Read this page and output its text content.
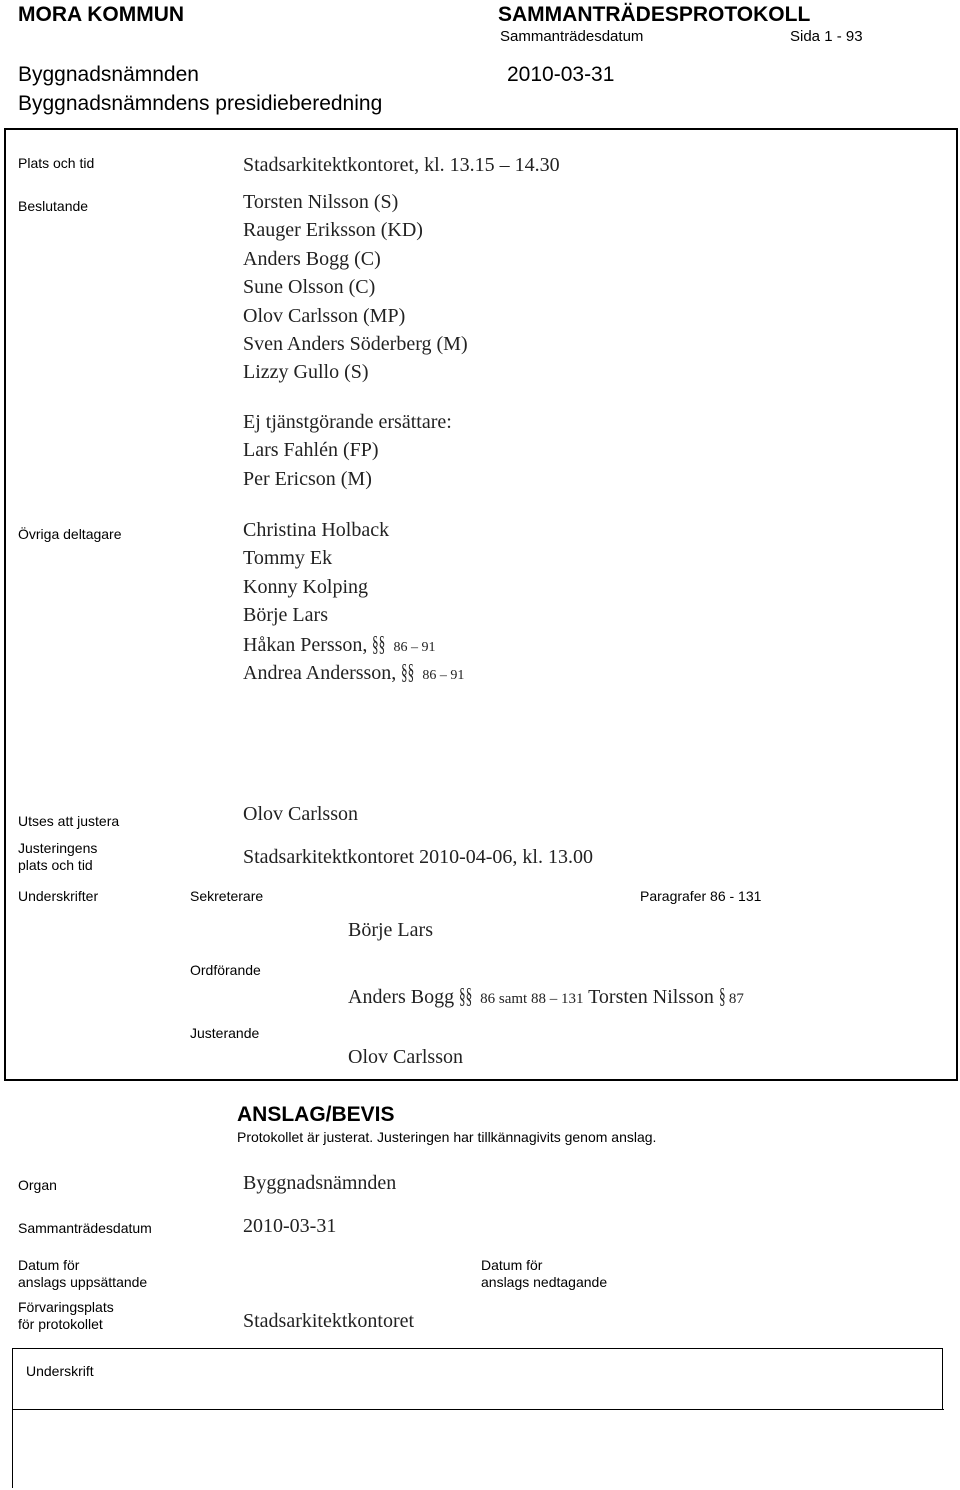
MORA KOMMUN	SAMMANTRÄDESPROTOKOLL
Sammanträdesdatum	Sida 1 - 93
Byggnadsnämnden	2010-03-31
Byggnadsnämndens presidieberedning
Plats och tid	Stadsarkitektkontoret, kl. 13.15 – 14.30
Beslutande	Torsten Nilsson (S)
Rauger Eriksson (KD)
Anders Bogg (C)
Sune Olsson (C)
Olov Carlsson (MP)
Sven Anders Söderberg (M)
Lizzy Gullo (S)
Ej tjänstgörande ersättare:
Lars Fahlén (FP)
Per Ericson (M)
Övriga deltagare	Christina Holback
Tommy Ek
Konny Kolping
Börje Lars
Håkan Persson, §§ 86 – 91
Andrea Andersson, §§ 86 – 91
Utses att justera	Olov Carlsson
Justeringens
plats och tid	Stadsarkitektkontoret 2010-04-06, kl. 13.00
Underskrifter	Sekreterare	Paragrafer 86 - 131
Börje Lars
Ordförande
Anders Bogg §§ 86 samt 88 – 131 Torsten Nilsson § 87
Justerande
Olov Carlsson
ANSLAG/BEVIS
Protokollet är justerat. Justeringen har tillkännagivits genom anslag.
Organ	Byggnadsnämnden
Sammanträdesdatum	2010-03-31
Datum för
anslags uppsättande
Datum för
anslags nedtagande
Förvaringsplats
för protokollet	Stadsarkitektkontoret
Underskrift
